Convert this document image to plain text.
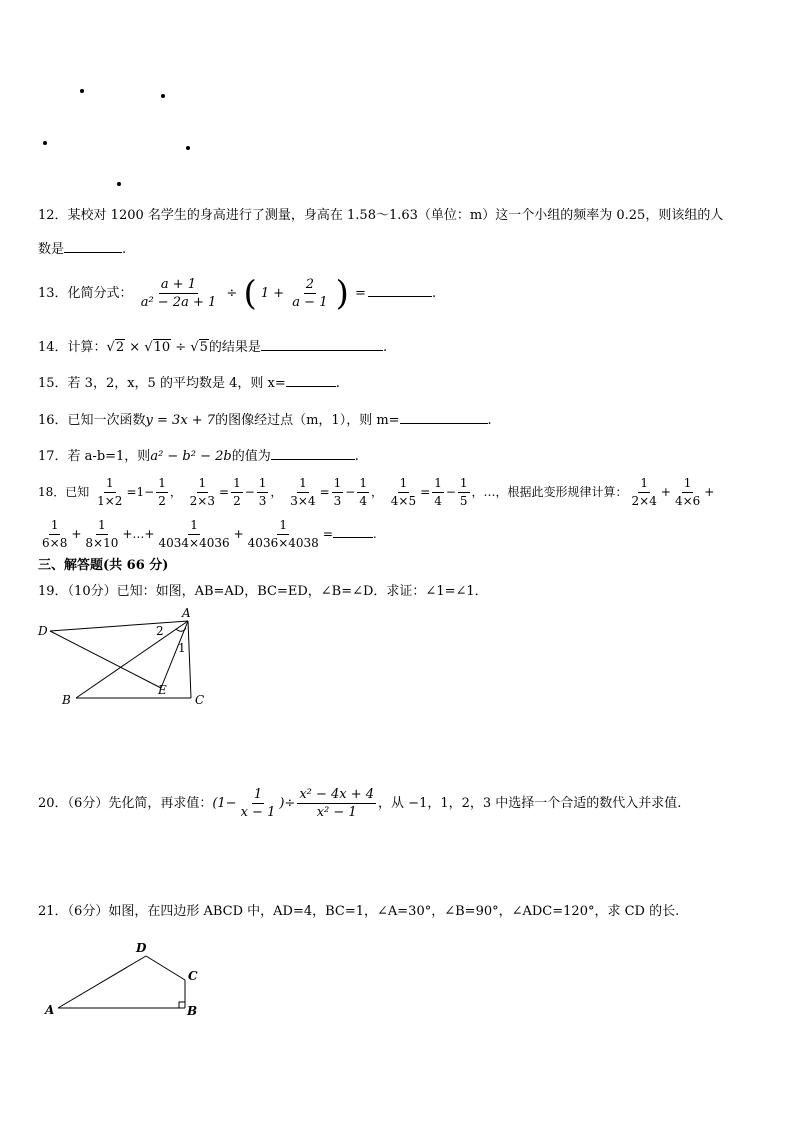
12．某校对 1200 名学生的身高进行了测量，身高在 1.58～1.63（单位：m）这一个小组的频率为 0.25，则该组的人
数是	.
13．化简分式： $\frac{a + 1}{\text{a² − 2a + 1}}$ ÷ ( $1 + \frac{2}{a - 1}$ ) =	.
14．计算：√2 × √10 ÷ √5的结果是	.
15．若 3，2，x，5 的平均数是 4，则 x=	.
16．已知一次函数y = 3x + 7的图像经过点（m，1），则 m=	.
17．若 a-b=1，则a² − b² − 2b的值为	.
18．已知 $\frac{1}{1\times 2} =1- \frac{1}{2}$ ， $\frac{1}{2\times 3} = \frac{1}{2} - \frac{1}{3}$ ， $\frac{1}{3\times 4} = \frac{1}{3} - \frac{1}{4}$ ， $\frac{1}{4\times 5} = \frac{1}{4} - \frac{1}{5}$ ，…，根据此变形规律计算： $\frac{1}{2\times 4} + \frac{1}{4\times 6}$ +
$\frac{1}{6\times 8} + \frac{1}{8\times 10}$ +…+ $\frac{1}{4034\times 4036} + \frac{1}{4036\times 4038}$ =	.
三、解答题(共 66 分)
19．（10分）已知：如图，AB=AD，BC=ED，∠B=∠D．求证：∠1=∠1．
A
D
B	C
E
2
1
20．（6分）先化简，再求值：($1- \frac{1}{x - 1}$ )÷ $\frac{\text{x² − 4x + 4}}{\text{x² − 1}}$ ，从 −1，1，2，3 中选择一个合适的数代入并求值.
21．（6分）如图，在四边形 ABCD 中，AD=4，BC=1，∠A=30°，∠B=90°，∠ADC=120°，求 CD 的长.
A	B
C
D
